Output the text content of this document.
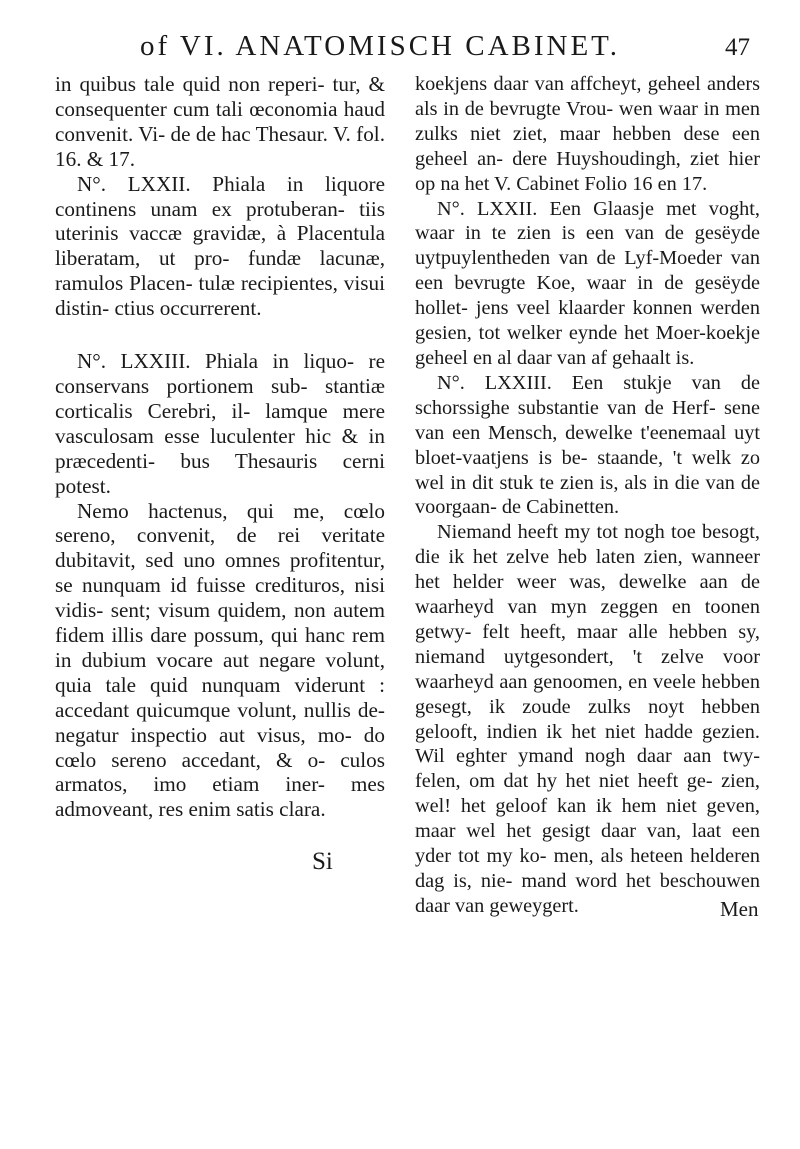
of VI. ANATOMISCH CABINET.	47

in quibus tale quid non reperi- tur, & consequenter cum tali œconomia haud convenit. Vi- de de hac Thesaur. V. fol. 16. & 17.

N°. LXXII. Phiala in liquore continens unam ex protuberan- tiis uterinis vaccæ gravidæ, à Placentula liberatam, ut pro- fundæ lacunæ, ramulos Placen- tulæ recipientes, visui distin- ctius occurrerent.

N°. LXXIII. Phiala in liquo- re conservans portionem sub- stantiæ corticalis Cerebri, il- lamque mere vasculosam esse luculenter hic & in præcedenti- bus Thesauris cerni potest.

Nemo hactenus, qui me, cœlo sereno, convenit, de rei veritate dubitavit, sed uno omnes profitentur, se nunquam id fuisse credituros, nisi vidis- sent; visum quidem, non autem fidem illis dare possum, qui hanc rem in dubium vocare aut negare volunt, quia tale quid nunquam viderunt : accedant quicumque volunt, nullis de- negatur inspectio aut visus, mo- do cœlo sereno accedant, & o- culos armatos, imo etiam iner- mes admoveant, res enim satis clara.

Si

koekjens daar van affcheyt, geheel anders als in de bevrugte Vrou- wen waar in men zulks niet ziet, maar hebben dese een geheel an- dere Huyshoudingh, ziet hier op na het V. Cabinet Folio 16 en 17.

N°. LXXII. Een Glaasje met voght, waar in te zien is een van de gesëyde uytpuylentheden van de Lyf-Moeder van een bevrugte Koe, waar in de gesëyde hollet- jens veel klaarder konnen werden gesien, tot welker eynde het Moer-koekje geheel en al daar van af gehaalt is.

N°. LXXIII. Een stukje van de schorssighe substantie van de Herf- sene van een Mensch, dewelke t'eenemaal uyt bloet-vaatjens is be- staande, 't welk zo wel in dit stuk te zien is, als in die van de voorgaan- de Cabinetten.

Niemand heeft my tot nogh toe besogt, die ik het zelve heb laten zien, wanneer het helder weer was, dewelke aan de waarheyd van myn zeggen en toonen getwy- felt heeft, maar alle hebben sy, niemand uytgesondert, 't zelve voor waarheyd aan genoomen, en veele hebben gesegt, ik zoude zulks noyt hebben gelooft, indien ik het niet hadde gezien. Wil eghter ymand nogh daar aan twy- felen, om dat hy het niet heeft ge- zien, wel! het geloof kan ik hem niet geven, maar wel het gesigt daar van, laat een yder tot my ko- men, als heteen helderen dag is, nie- mand word het beschouwen daar van geweygert.	Men
